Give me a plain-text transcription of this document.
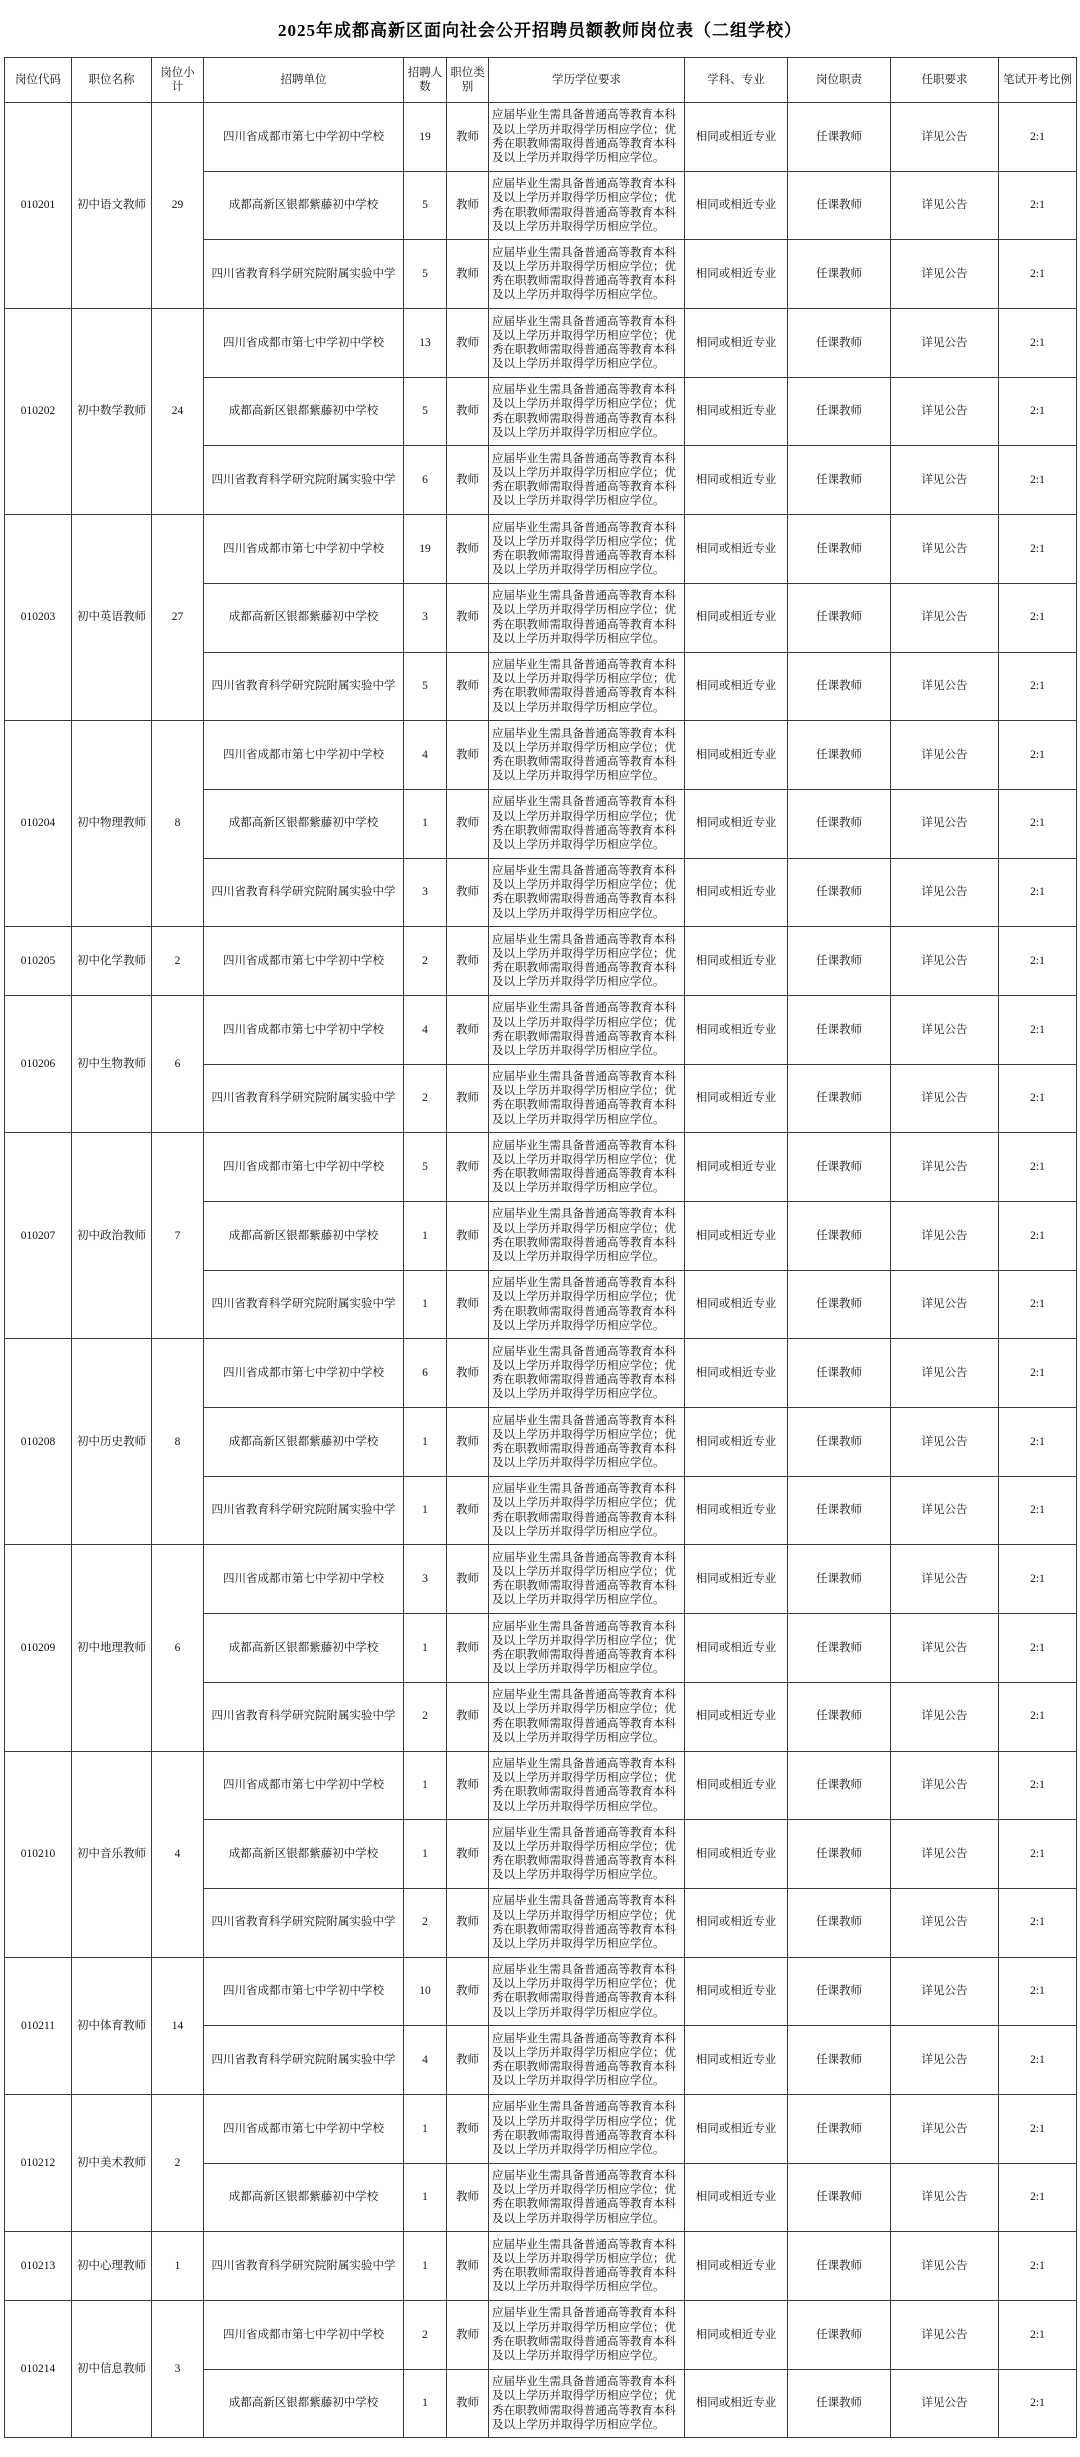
2025年成都高新区面向社会公开招聘员额教师岗位表（二组学校）
岗位代码	职位名称	岗位小计	招聘单位	招聘人数	职位类别	学历学位要求	学科、专业	岗位职责	任职要求	笔试开考比例
010201	初中语文教师	29	四川省成都市第七中学初中学校	19	教师	应届毕业生需具备普通高等教育本科及以上学历并取得学历相应学位；优秀在职教师需取得普通高等教育本科及以上学历并取得学历相应学位。	相同或相近专业	任课教师	详见公告	2:1
			成都高新区银都紫藤初中学校	5	教师	应届毕业生需具备普通高等教育本科及以上学历并取得学历相应学位；优秀在职教师需取得普通高等教育本科及以上学历并取得学历相应学位。	相同或相近专业	任课教师	详见公告	2:1
			四川省教育科学研究院附属实验中学	5	教师	应届毕业生需具备普通高等教育本科及以上学历并取得学历相应学位；优秀在职教师需取得普通高等教育本科及以上学历并取得学历相应学位。	相同或相近专业	任课教师	详见公告	2:1
010202	初中数学教师	24	四川省成都市第七中学初中学校	13	教师	应届毕业生需具备普通高等教育本科及以上学历并取得学历相应学位；优秀在职教师需取得普通高等教育本科及以上学历并取得学历相应学位。	相同或相近专业	任课教师	详见公告	2:1
			成都高新区银都紫藤初中学校	5	教师	应届毕业生需具备普通高等教育本科及以上学历并取得学历相应学位；优秀在职教师需取得普通高等教育本科及以上学历并取得学历相应学位。	相同或相近专业	任课教师	详见公告	2:1
			四川省教育科学研究院附属实验中学	6	教师	应届毕业生需具备普通高等教育本科及以上学历并取得学历相应学位；优秀在职教师需取得普通高等教育本科及以上学历并取得学历相应学位。	相同或相近专业	任课教师	详见公告	2:1
010203	初中英语教师	27	四川省成都市第七中学初中学校	19	教师	应届毕业生需具备普通高等教育本科及以上学历并取得学历相应学位；优秀在职教师需取得普通高等教育本科及以上学历并取得学历相应学位。	相同或相近专业	任课教师	详见公告	2:1
			成都高新区银都紫藤初中学校	3	教师	应届毕业生需具备普通高等教育本科及以上学历并取得学历相应学位；优秀在职教师需取得普通高等教育本科及以上学历并取得学历相应学位。	相同或相近专业	任课教师	详见公告	2:1
			四川省教育科学研究院附属实验中学	5	教师	应届毕业生需具备普通高等教育本科及以上学历并取得学历相应学位；优秀在职教师需取得普通高等教育本科及以上学历并取得学历相应学位。	相同或相近专业	任课教师	详见公告	2:1
010204	初中物理教师	8	四川省成都市第七中学初中学校	4	教师	应届毕业生需具备普通高等教育本科及以上学历并取得学历相应学位；优秀在职教师需取得普通高等教育本科及以上学历并取得学历相应学位。	相同或相近专业	任课教师	详见公告	2:1
			成都高新区银都紫藤初中学校	1	教师	应届毕业生需具备普通高等教育本科及以上学历并取得学历相应学位；优秀在职教师需取得普通高等教育本科及以上学历并取得学历相应学位。	相同或相近专业	任课教师	详见公告	2:1
			四川省教育科学研究院附属实验中学	3	教师	应届毕业生需具备普通高等教育本科及以上学历并取得学历相应学位；优秀在职教师需取得普通高等教育本科及以上学历并取得学历相应学位。	相同或相近专业	任课教师	详见公告	2:1
010205	初中化学教师	2	四川省成都市第七中学初中学校	2	教师	应届毕业生需具备普通高等教育本科及以上学历并取得学历相应学位；优秀在职教师需取得普通高等教育本科及以上学历并取得学历相应学位。	相同或相近专业	任课教师	详见公告	2:1
010206	初中生物教师	6	四川省成都市第七中学初中学校	4	教师	应届毕业生需具备普通高等教育本科及以上学历并取得学历相应学位；优秀在职教师需取得普通高等教育本科及以上学历并取得学历相应学位。	相同或相近专业	任课教师	详见公告	2:1
			四川省教育科学研究院附属实验中学	2	教师	应届毕业生需具备普通高等教育本科及以上学历并取得学历相应学位；优秀在职教师需取得普通高等教育本科及以上学历并取得学历相应学位。	相同或相近专业	任课教师	详见公告	2:1
010207	初中政治教师	7	四川省成都市第七中学初中学校	5	教师	应届毕业生需具备普通高等教育本科及以上学历并取得学历相应学位；优秀在职教师需取得普通高等教育本科及以上学历并取得学历相应学位。	相同或相近专业	任课教师	详见公告	2:1
			成都高新区银都紫藤初中学校	1	教师	应届毕业生需具备普通高等教育本科及以上学历并取得学历相应学位；优秀在职教师需取得普通高等教育本科及以上学历并取得学历相应学位。	相同或相近专业	任课教师	详见公告	2:1
			四川省教育科学研究院附属实验中学	1	教师	应届毕业生需具备普通高等教育本科及以上学历并取得学历相应学位；优秀在职教师需取得普通高等教育本科及以上学历并取得学历相应学位。	相同或相近专业	任课教师	详见公告	2:1
010208	初中历史教师	8	四川省成都市第七中学初中学校	6	教师	应届毕业生需具备普通高等教育本科及以上学历并取得学历相应学位；优秀在职教师需取得普通高等教育本科及以上学历并取得学历相应学位。	相同或相近专业	任课教师	详见公告	2:1
			成都高新区银都紫藤初中学校	1	教师	应届毕业生需具备普通高等教育本科及以上学历并取得学历相应学位；优秀在职教师需取得普通高等教育本科及以上学历并取得学历相应学位。	相同或相近专业	任课教师	详见公告	2:1
			四川省教育科学研究院附属实验中学	1	教师	应届毕业生需具备普通高等教育本科及以上学历并取得学历相应学位；优秀在职教师需取得普通高等教育本科及以上学历并取得学历相应学位。	相同或相近专业	任课教师	详见公告	2:1
010209	初中地理教师	6	四川省成都市第七中学初中学校	3	教师	应届毕业生需具备普通高等教育本科及以上学历并取得学历相应学位；优秀在职教师需取得普通高等教育本科及以上学历并取得学历相应学位。	相同或相近专业	任课教师	详见公告	2:1
			成都高新区银都紫藤初中学校	1	教师	应届毕业生需具备普通高等教育本科及以上学历并取得学历相应学位；优秀在职教师需取得普通高等教育本科及以上学历并取得学历相应学位。	相同或相近专业	任课教师	详见公告	2:1
			四川省教育科学研究院附属实验中学	2	教师	应届毕业生需具备普通高等教育本科及以上学历并取得学历相应学位；优秀在职教师需取得普通高等教育本科及以上学历并取得学历相应学位。	相同或相近专业	任课教师	详见公告	2:1
010210	初中音乐教师	4	四川省成都市第七中学初中学校	1	教师	应届毕业生需具备普通高等教育本科及以上学历并取得学历相应学位；优秀在职教师需取得普通高等教育本科及以上学历并取得学历相应学位。	相同或相近专业	任课教师	详见公告	2:1
			成都高新区银都紫藤初中学校	1	教师	应届毕业生需具备普通高等教育本科及以上学历并取得学历相应学位；优秀在职教师需取得普通高等教育本科及以上学历并取得学历相应学位。	相同或相近专业	任课教师	详见公告	2:1
			四川省教育科学研究院附属实验中学	2	教师	应届毕业生需具备普通高等教育本科及以上学历并取得学历相应学位；优秀在职教师需取得普通高等教育本科及以上学历并取得学历相应学位。	相同或相近专业	任课教师	详见公告	2:1
010211	初中体育教师	14	四川省成都市第七中学初中学校	10	教师	应届毕业生需具备普通高等教育本科及以上学历并取得学历相应学位；优秀在职教师需取得普通高等教育本科及以上学历并取得学历相应学位。	相同或相近专业	任课教师	详见公告	2:1
			四川省教育科学研究院附属实验中学	4	教师	应届毕业生需具备普通高等教育本科及以上学历并取得学历相应学位；优秀在职教师需取得普通高等教育本科及以上学历并取得学历相应学位。	相同或相近专业	任课教师	详见公告	2:1
010212	初中美术教师	2	四川省成都市第七中学初中学校	1	教师	应届毕业生需具备普通高等教育本科及以上学历并取得学历相应学位；优秀在职教师需取得普通高等教育本科及以上学历并取得学历相应学位。	相同或相近专业	任课教师	详见公告	2:1
			成都高新区银都紫藤初中学校	1	教师	应届毕业生需具备普通高等教育本科及以上学历并取得学历相应学位；优秀在职教师需取得普通高等教育本科及以上学历并取得学历相应学位。	相同或相近专业	任课教师	详见公告	2:1
010213	初中心理教师	1	四川省教育科学研究院附属实验中学	1	教师	应届毕业生需具备普通高等教育本科及以上学历并取得学历相应学位；优秀在职教师需取得普通高等教育本科及以上学历并取得学历相应学位。	相同或相近专业	任课教师	详见公告	2:1
010214	初中信息教师	3	四川省成都市第七中学初中学校	2	教师	应届毕业生需具备普通高等教育本科及以上学历并取得学历相应学位；优秀在职教师需取得普通高等教育本科及以上学历并取得学历相应学位。	相同或相近专业	任课教师	详见公告	2:1
			成都高新区银都紫藤初中学校	1	教师	应届毕业生需具备普通高等教育本科及以上学历并取得学历相应学位；优秀在职教师需取得普通高等教育本科及以上学历并取得学历相应学位。	相同或相近专业	任课教师	详见公告	2:1
